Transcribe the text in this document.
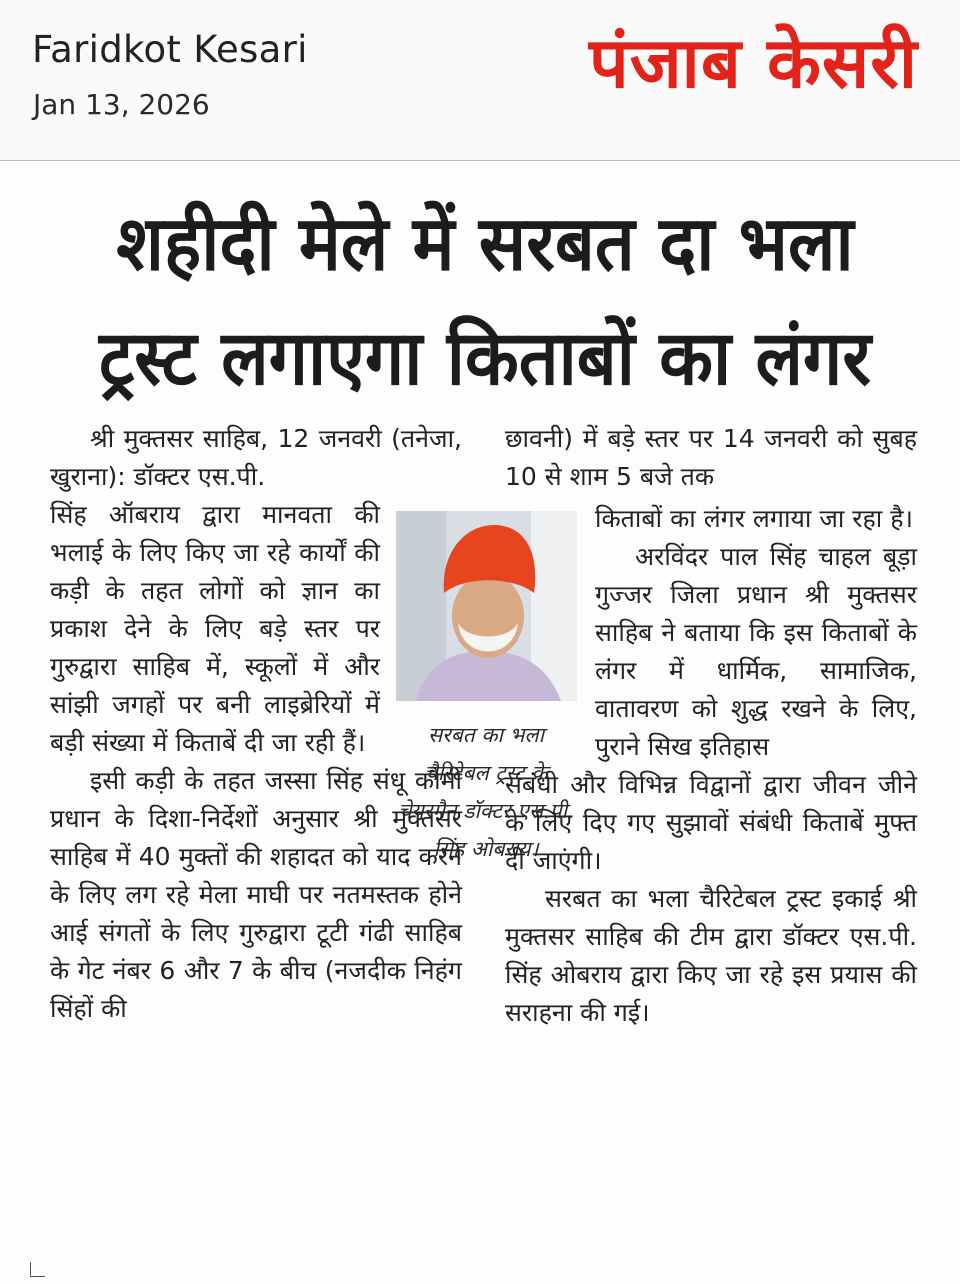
Faridkot Kesari
Jan 13, 2026
पंजाब केसरी
शहीदी मेले में सरबत दा भला
ट्रस्ट लगाएगा किताबों का लंगर

श्री मुक्तसर साहिब, 12 जनवरी (तनेजा, खुराना): डॉक्टर एस.पी.

सिंह ऑबराय द्वारा मानवता की भलाई के लिए किए जा रहे कार्यों की कड़ी के तहत लोगों को ज्ञान का प्रकाश देने के लिए बड़े स्तर पर गुरुद्वारा साहिब में, स्कूलों में और सांझी जगहों पर बनी लाइब्रेरियों में बड़ी संख्या में किताबें दी जा रही हैं।

इसी कड़ी के तहत जस्सा सिंह संधू कौमी प्रधान के दिशा-निर्देशों अनुसार श्री मुक्तसर साहिब में 40 मुक्तों की शहादत को याद करने के लिए लग रहे मेला माघी पर नतमस्तक होने आई संगतों के लिए गुरुद्वारा टूटी गंढी साहिब के गेट नंबर 6 और 7 के बीच (नजदीक निहंग सिंहों की

छावनी) में बड़े स्तर पर 14 जनवरी को सुबह 10 से शाम 5 बजे तक

किताबों का लंगर लगाया जा रहा है।

अरविंदर पाल सिंह चाहल बूड़ा गुज्जर जिला प्रधान श्री मुक्तसर साहिब ने बताया कि इस किताबों के लंगर में धार्मिक, सामाजिक, वातावरण को शुद्ध रखने के लिए, पुराने सिख इतिहास

संबंधी और विभिन्न विद्वानों द्वारा जीवन जीने के लिए दिए गए सुझावों संबंधी किताबें मुफ्त दी जाएंगी।

सरबत का भला चैरिटेबल ट्रस्ट इकाई श्री मुक्तसर साहिब की टीम द्वारा डॉक्टर एस.पी. सिंह ओबराय द्वारा किए जा रहे इस प्रयास की सराहना की गई।

सरबत का भला चैरिटेबल ट्रस्ट के चेयरमैन डॉक्टर एस.पी. सिंह ओबराय।
